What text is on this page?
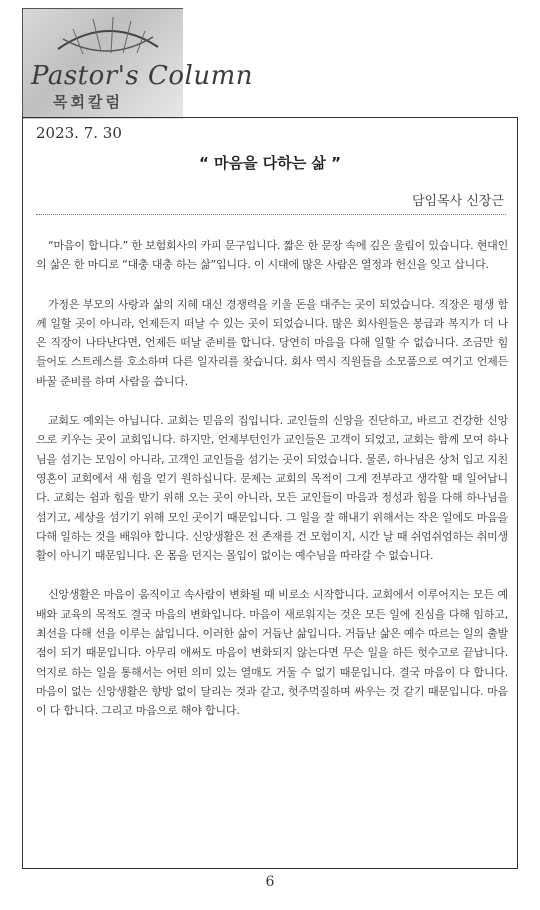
Pastor's Column
목회칼럼
2023. 7. 30
“ 마음을 다하는 삶 ”
담임목사 신장근

“마음이 합니다.” 한 보험회사의 카피 문구입니다. 짧은 한 문장 속에 깊은 울림이 있습니다. 현대인의 삶은 한 마디로 “대충 대충 하는 삶”입니다. 이 시대에 많은 사람은 열정과 헌신을 잊고 삽니다.

가정은 부모의 사랑과 삶의 지혜 대신 경쟁력을 키울 돈을 대주는 곳이 되었습니다. 직장은 평생 함께 일할 곳이 아니라, 언제든지 떠날 수 있는 곳이 되었습니다. 많은 회사원들은 봉급과 복지가 더 나은 직장이 나타난다면, 언제든 떠날 준비를 합니다. 당연히 마음을 다해 일할 수 없습니다. 조금만 힘들어도 스트레스를 호소하며 다른 일자리를 찾습니다. 회사 역시 직원들을 소모품으로 여기고 언제든 바꿀 준비를 하며 사람을 씁니다.

교회도 예외는 아닙니다. 교회는 믿음의 집입니다. 교인들의 신앙을 진단하고, 바르고 건강한 신앙으로 키우는 곳이 교회입니다. 하지만, 언제부턴인가 교인들은 고객이 되었고, 교회는 함께 모여 하나님을 섬기는 모임이 아니라, 고객인 교인들을 섬기는 곳이 되었습니다. 물론, 하나님은 상처 입고 지친 영혼이 교회에서 새 힘을 얻기 원하십니다. 문제는 교회의 목적이 그게 전부라고 생각할 때 일어납니다. 교회는 쉼과 힘을 받기 위해 오는 곳이 아니라, 모든 교인들이 마음과 정성과 힘을 다해 하나님을 섬기고, 세상을 섬기기 위해 모인 곳이기 때문입니다. 그 일을 잘 해내기 위해서는 작은 일에도 마음을 다해 일하는 것을 배워야 합니다. 신앙생활은 전 존재를 건 모험이지, 시간 날 때 쉬엄쉬엄하는 취미생활이 아니기 때문입니다. 온 몸을 던지는 몰입이 없이는 예수님을 따라갈 수 없습니다.

신앙생활은 마음이 움직이고 속사람이 변화될 때 비로소 시작합니다. 교회에서 이루어지는 모든 예배와 교육의 목적도 결국 마음의 변화입니다. 마음이 새로워지는 것은 모든 일에 진심을 다해 임하고, 최선을 다해 선을 이루는 삶입니다. 이러한 삶이 거듭난 삶입니다. 거듭난 삶은 예수 따르는 일의 출발점이 되기 때문입니다. 아무리 애써도 마음이 변화되지 않는다면 무슨 일을 하든 헛수고로 끝납니다. 억지로 하는 일을 통해서는 어떤 의미 있는 열매도 거둘 수 없기 때문입니다. 결국 마음이 다 합니다. 마음이 없는 신앙생활은 향방 없이 달리는 것과 같고, 헛주먹질하며 싸우는 것 같기 때문입니다. 마음이 다 합니다. 그리고 마음으로 해야 합니다.

6
